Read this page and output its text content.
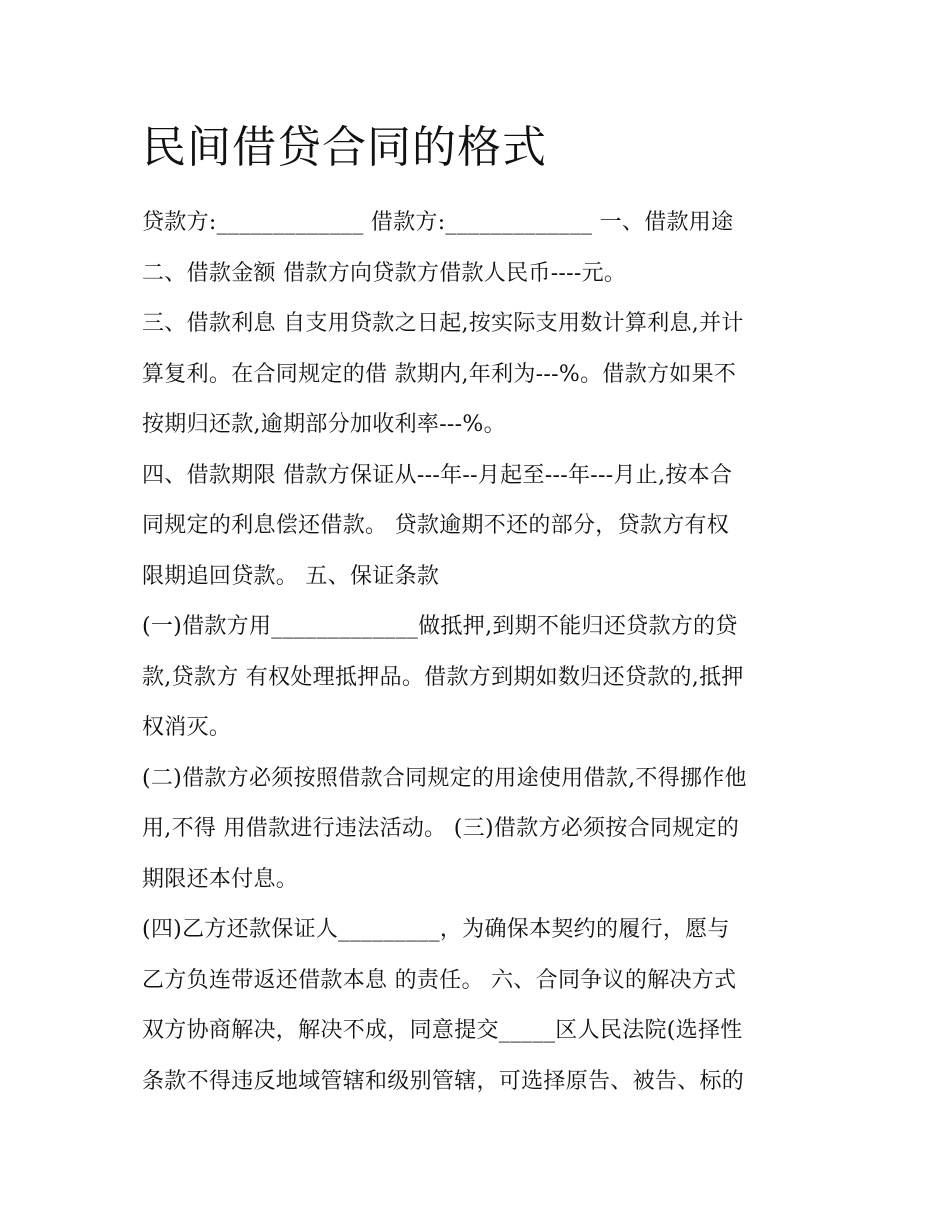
民间借贷合同的格式
贷款方:_____________ 借款方:_____________ 一、借款用途
二、借款金额 借款方向贷款方借款人民币----元。
三、借款利息 自支用贷款之日起,按实际支用数计算利息,并计
算复利。在合同规定的借 款期内,年利为---%。借款方如果不
按期归还款,逾期部分加收利率---%。
四、借款期限 借款方保证从---年--月起至---年---月止,按本合
同规定的利息偿还借款。 贷款逾期不还的部分，贷款方有权
限期追回贷款。 五、保证条款
(一)借款方用_____________做抵押,到期不能归还贷款方的贷
款,贷款方 有权处理抵押品。借款方到期如数归还贷款的,抵押
权消灭。
(二)借款方必须按照借款合同规定的用途使用借款,不得挪作他
用,不得 用借款进行违法活动。 (三)借款方必须按合同规定的
期限还本付息。
(四)乙方还款保证人_________，为确保本契约的履行，愿与
乙方负连带返还借款本息 的责任。 六、合同争议的解决方式
双方协商解决，解决不成，同意提交_____区人民法院(选择性
条款不得违反地域管辖和级别管辖，可选择原告、被告、标的
